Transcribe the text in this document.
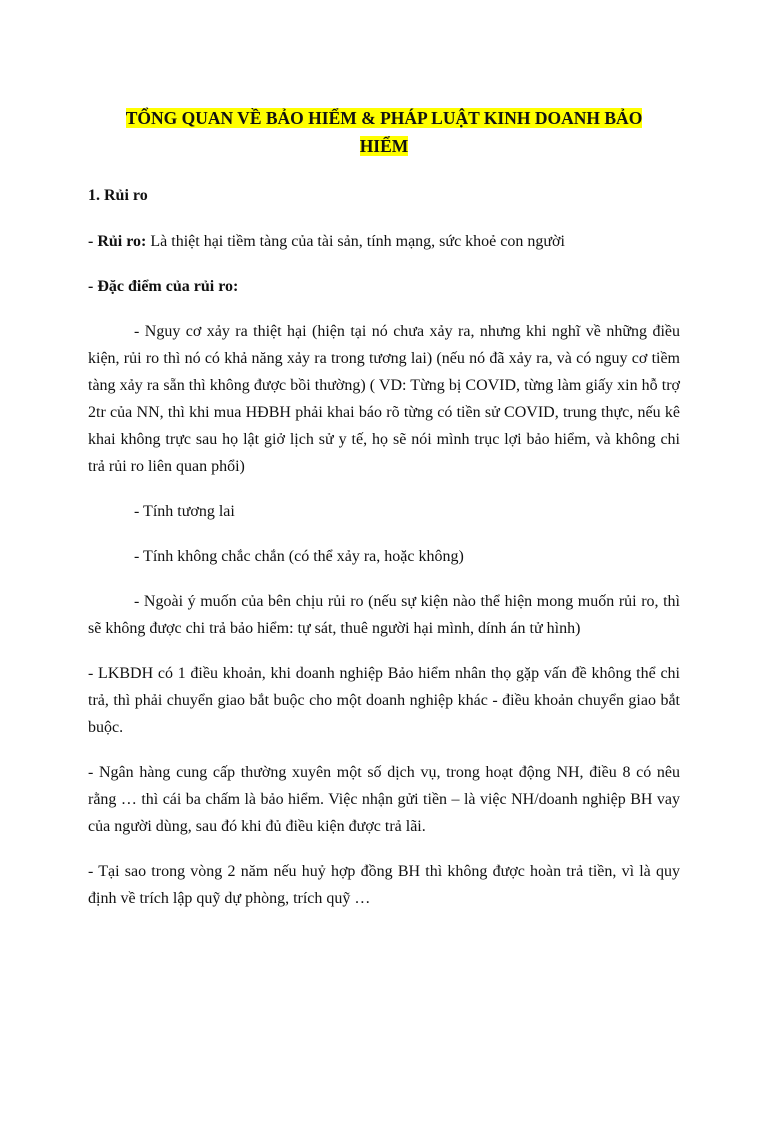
TỔNG QUAN VỀ BẢO HIỂM & PHÁP LUẬT KINH DOANH BẢO
HIỂM
1. Rủi ro

- Rủi ro: Là thiệt hại tiềm tàng của tài sản, tính mạng, sức khoẻ con người

- Đặc điểm của rủi ro:

- Nguy cơ xảy ra thiệt hại (hiện tại nó chưa xảy ra, nhưng khi nghĩ về những điều kiện, rủi ro thì nó có khả năng xảy ra trong tương lai) (nếu nó đã xảy ra, và có nguy cơ tiềm tàng xảy ra sẵn thì không được bồi thường) ( VD: Từng bị COVID, từng làm giấy xin hỗ trợ 2tr của NN, thì khi mua HĐBH phải khai báo rõ từng có tiền sử COVID, trung thực, nếu kê khai không trực sau họ lật giở lịch sử y tế, họ sẽ nói mình trục lợi bảo hiểm, và không chi trả rủi ro liên quan phổi)

- Tính tương lai

- Tính không chắc chắn (có thể xảy ra, hoặc không)

- Ngoài ý muốn của bên chịu rủi ro (nếu sự kiện nào thể hiện mong muốn rủi ro, thì sẽ không được chi trả bảo hiểm: tự sát, thuê người hại mình, dính án tử hình)

- LKBDH có 1 điều khoản, khi doanh nghiệp Bảo hiểm nhân thọ gặp vấn đề không thể chi trả, thì phải chuyển giao bắt buộc cho một doanh nghiệp khác - điều khoản chuyển giao bắt buộc.

- Ngân hàng cung cấp thường xuyên một số dịch vụ, trong hoạt động NH, điều 8 có nêu rằng … thì cái ba chấm là bảo hiểm. Việc nhận gửi tiền – là việc NH/doanh nghiệp BH vay của người dùng, sau đó khi đủ điều kiện được trả lãi.

- Tại sao trong vòng 2 năm nếu huỷ hợp đồng BH thì không được hoàn trả tiền, vì là quy định về trích lập quỹ dự phòng, trích quỹ …
